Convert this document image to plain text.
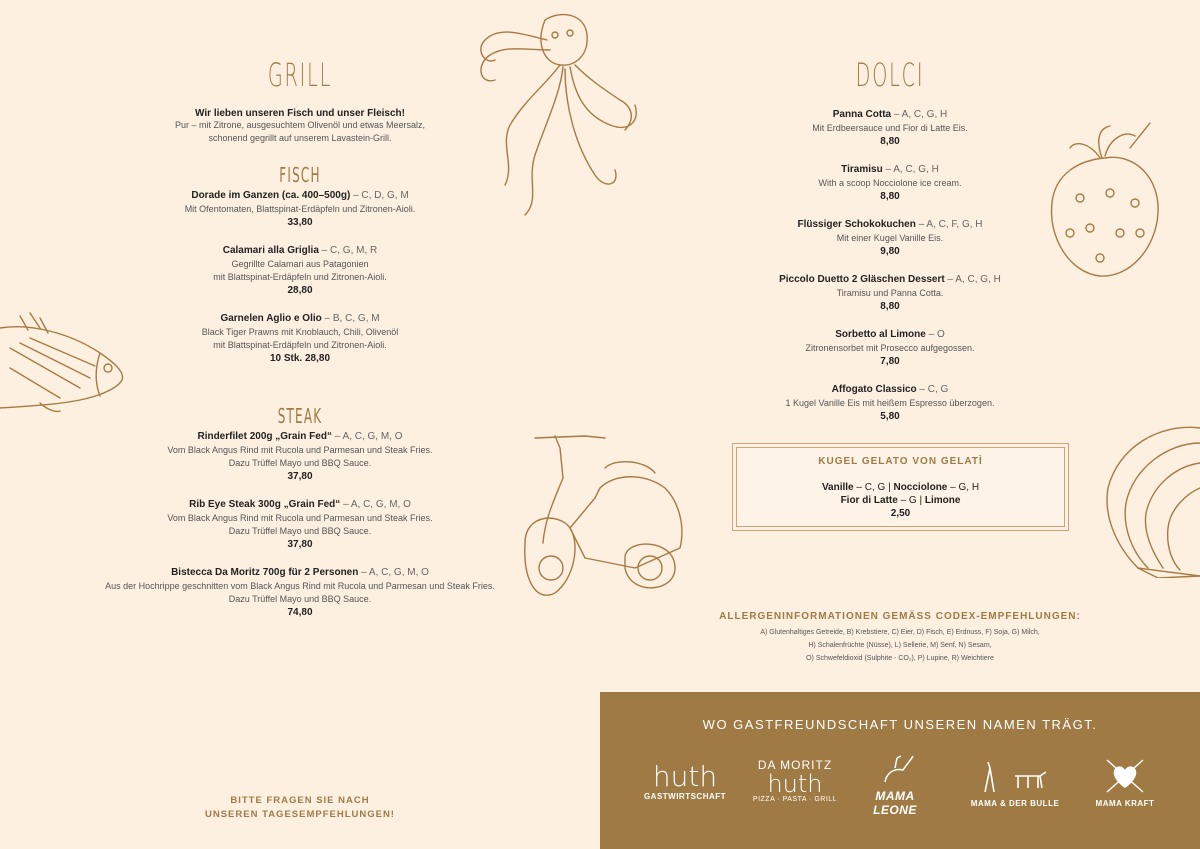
GRILL
Wir lieben unseren Fisch und unser Fleisch!
Pur – mit Zitrone, ausgesuchtem Olivenöl und etwas Meersalz,
schonend gegrillt auf unserem Lavastein-Grill.
FISCH
Dorade im Ganzen (ca. 400–500g) – C, D, G, M
Mit Ofentomaten, Blattspinat-Erdäpfeln und Zitronen-Aioli.
33,80
Calamari alla Griglia – C, G, M, R
Gegrillte Calamari aus Patagonien
mit Blattspinat-Erdäpfeln und Zitronen-Aioli.
28,80
Garnelen Aglio e Olio – B, C, G, M
Black Tiger Prawns mit Knoblauch, Chili, Olivenöl
mit Blattspinat-Erdäpfeln und Zitronen-Aioli.
10 Stk. 28,80
STEAK
Rinderfilet 200g „Grain Fed“ – A, C, G, M, O
Vom Black Angus Rind mit Rucola und Parmesan und Steak Fries.
Dazu Trüffel Mayo und BBQ Sauce.
37,80
Rib Eye Steak 300g „Grain Fed“ – A, C, G, M, O
Vom Black Angus Rind mit Rucola und Parmesan und Steak Fries.
Dazu Trüffel Mayo und BBQ Sauce.
37,80
Bistecca Da Moritz 700g für 2 Personen – A, C, G, M, O
Aus der Hochrippe geschnitten vom Black Angus Rind mit Rucola und Parmesan und Steak Fries.
Dazu Trüffel Mayo und BBQ Sauce.
74,80
DOLCI
Panna Cotta – A, C, G, H
Mit Erdbeersauce und Fior di Latte Eis.
8,80
Tiramisu – A, C, G, H
With a scoop Nocciolone ice cream.
8,80
Flüssiger Schokokuchen – A, C, F, G, H
Mit einer Kugel Vanille Eis.
9,80
Piccolo Duetto 2 Gläschen Dessert – A, C, G, H
Tiramisu und Panna Cotta.
8,80
Sorbetto al Limone – O
Zitronensorbet mit Prosecco aufgegossen.
7,80
Affogato Classico – C, G
1 Kugel Vanille Eis mit heißem Espresso überzogen.
5,80
KUGEL GELATO VON GELATÌ
Vanille – C, G | Nocciolone – G, H
Fior di Latte – G | Limone
2,50
ALLERGENINFORMATIONEN GEMÄSS CODEX-EMPFEHLUNGEN:
A) Glutenhaltiges Getreide, B) Krebstiere, C) Eier, D) Fisch, E) Erdnuss, F) Soja, G) Milch,
H) Schalenfrüchte (Nüsse), L) Sellerie, M) Senf, N) Sesam,
O) Schwefeldioxid (Sulphite - CO₂), P) Lupine, R) Weichtiere
BITTE FRAGEN SIE NACH
UNSEREN TAGESEMPFEHLUNGEN!
WO GASTFREUNDSCHAFT UNSEREN NAMEN TRÄGT.
huth
GASTWIRTSCHAFT
DA MORITZ
huth
PIZZA · PASTA · GRILL	MAMA
LEONE	MAMA & DER BULLE	MAMA KRAFT
